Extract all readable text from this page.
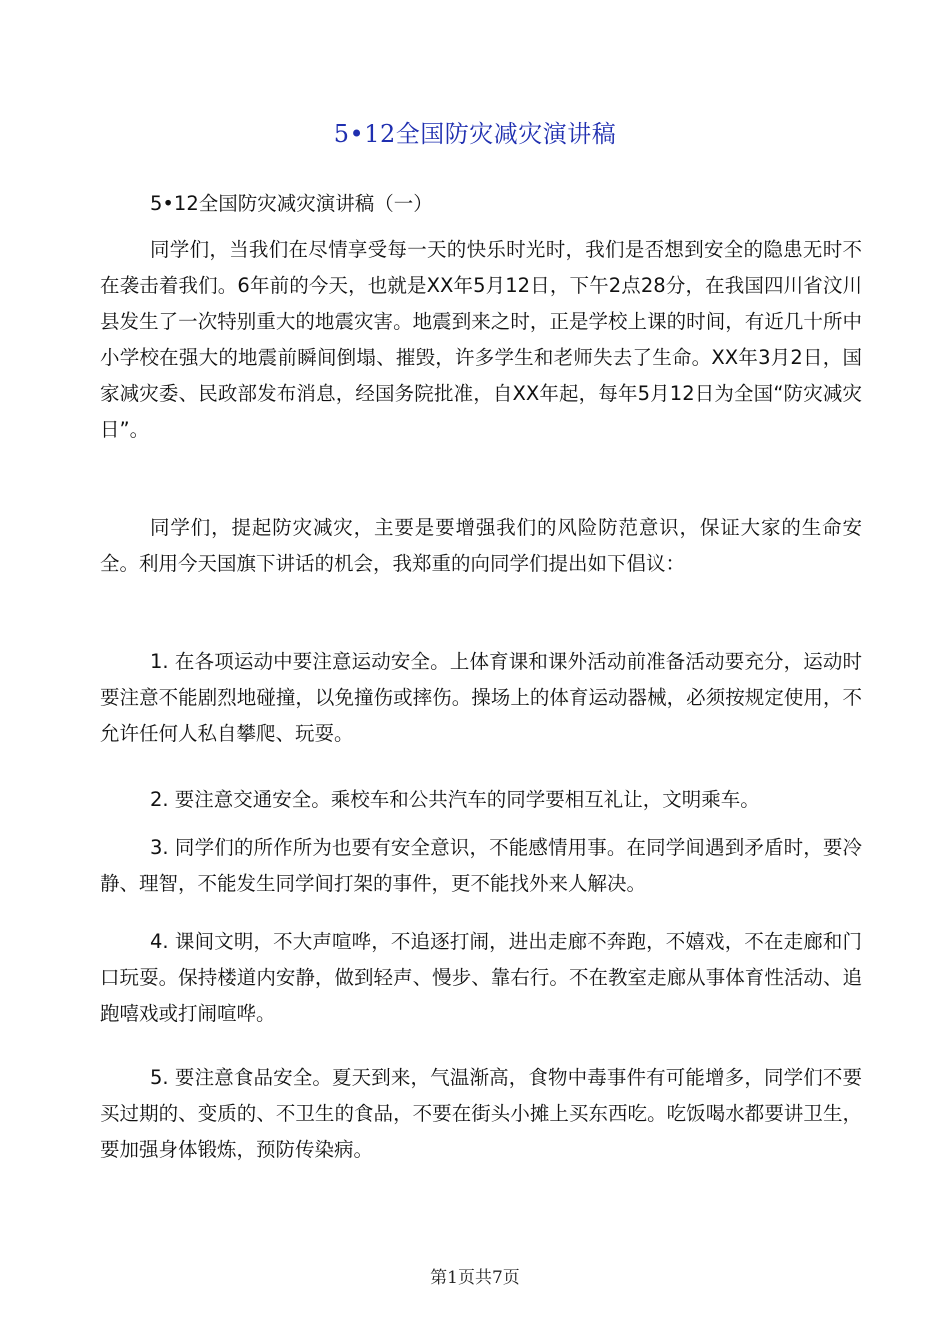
5•12全国防灾减灾演讲稿
5•12全国防灾减灾演讲稿（一）

同学们，当我们在尽情享受每一天的快乐时光时，我们是否想到安全的隐患无时不在袭击着我们。6年前的今天，也就是XX年5月12日，下午2点28分，在我国四川省汶川县发生了一次特别重大的地震灾害。地震到来之时，正是学校上课的时间，有近几十所中小学校在强大的地震前瞬间倒塌、摧毁，许多学生和老师失去了生命。XX年3月2日，国家减灾委、民政部发布消息，经国务院批准，自XX年起，每年5月12日为全国“防灾减灾日”。

同学们，提起防灾减灾，主要是要增强我们的风险防范意识，保证大家的生命安全。利用今天国旗下讲话的机会，我郑重的向同学们提出如下倡议：

1. 在各项运动中要注意运动安全。上体育课和课外活动前准备活动要充分，运动时要注意不能剧烈地碰撞，以免撞伤或摔伤。操场上的体育运动器械，必须按规定使用，不允许任何人私自攀爬、玩耍。

2. 要注意交通安全。乘校车和公共汽车的同学要相互礼让，文明乘车。

3. 同学们的所作所为也要有安全意识，不能感情用事。在同学间遇到矛盾时，要冷静、理智，不能发生同学间打架的事件，更不能找外来人解决。

4. 课间文明，不大声喧哗，不追逐打闹，进出走廊不奔跑，不嬉戏，不在走廊和门口玩耍。保持楼道内安静，做到轻声、慢步、靠右行。不在教室走廊从事体育性活动、追跑嘻戏或打闹喧哗。

5. 要注意食品安全。夏天到来，气温渐高，食物中毒事件有可能增多，同学们不要买过期的、变质的、不卫生的食品，不要在街头小摊上买东西吃。吃饭喝水都要讲卫生，要加强身体锻炼，预防传染病。

第1页共7页
